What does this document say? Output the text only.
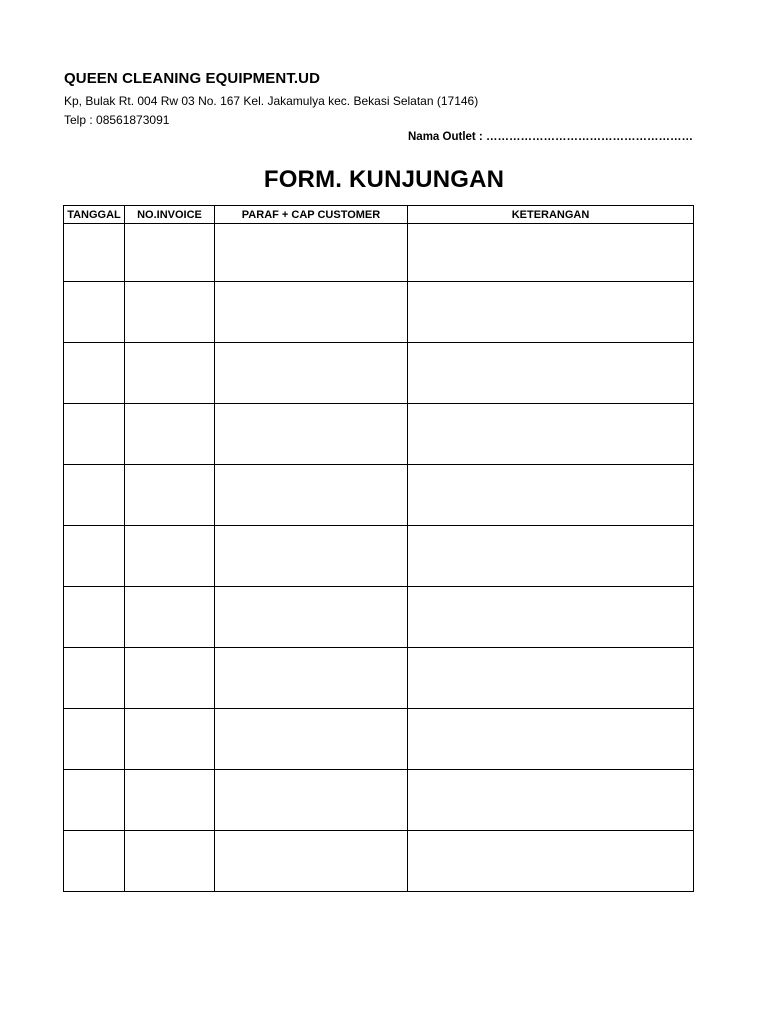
QUEEN CLEANING EQUIPMENT.UD
Kp, Bulak Rt. 004 Rw 03 No. 167 Kel. Jakamulya kec. Bekasi Selatan (17146)
Telp : 08561873091
Nama Outlet : ………………………………………………
FORM. KUNJUNGAN
TANGGAL	NO.INVOICE	PARAF + CAP CUSTOMER	KETERANGAN
